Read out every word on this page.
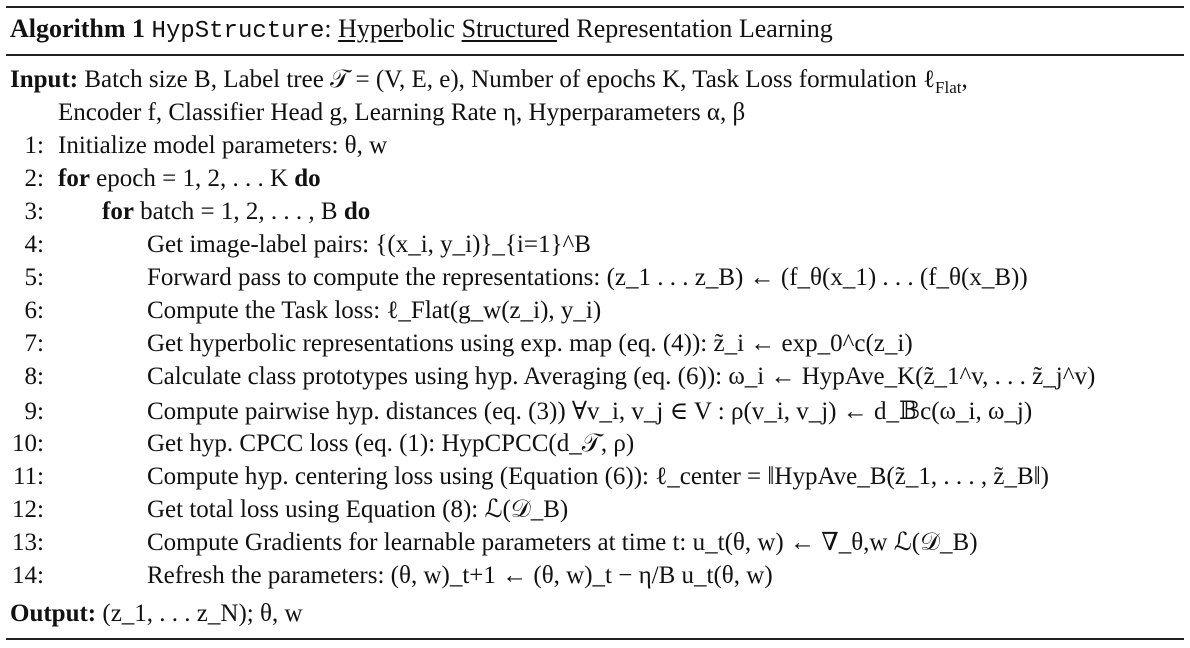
Algorithm 1 HypStructure: Hyperbolic Structured Representation Learning
Input: Batch size B, Label tree 𝒯 = (V, E, e), Number of epochs K, Task Loss formulation ℓ$_{Flat}$,
Encoder f, Classifier Head g, Learning Rate η, Hyperparameters α, β
1:
2:
3:
4:
5:
6:
7:
8:
9:
10:
11:
12:
13:
14:
Initialize model parameters: θ, w
for epoch = 1, 2, . . . K do
for batch = 1, 2, . . . , B do
Get image-label pairs: {(x_i, y_i)}_{i=1}^B
Forward pass to compute the representations: (z_1 . . . z_B) ← (f_θ(x_1) . . . (f_θ(x_B))
Compute the Task loss: ℓ_Flat(g_w(z_i), y_i)
Get hyperbolic representations using exp. map (eq. (4)): z̃_i ← exp_0^c(z_i)
Calculate class prototypes using hyp. Averaging (eq. (6)): ω_i ← HypAve_K(z̃_1^v, . . . z̃_j^v)
Compute pairwise hyp. distances (eq. (3)) ∀v_i, v_j ∈ V : ρ(v_i, v_j) ← d_𝔹c(ω_i, ω_j)
Get hyp. CPCC loss (eq. (1): HypCPCC(d_𝒯, ρ)
Compute hyp. centering loss using (Equation (6)): ℓ_center = ‖HypAve_B(z̃_1, . . . , z̃_B‖)
Get total loss using Equation (8): ℒ(𝒟_B)
Compute Gradients for learnable parameters at time t: u_t(θ, w) ← ∇_θ,w ℒ(𝒟_B)
Refresh the parameters: (θ, w)_t+1 ← (θ, w)_t − η/B u_t(θ, w)
Output: (z_1, . . . z_N); θ, w
